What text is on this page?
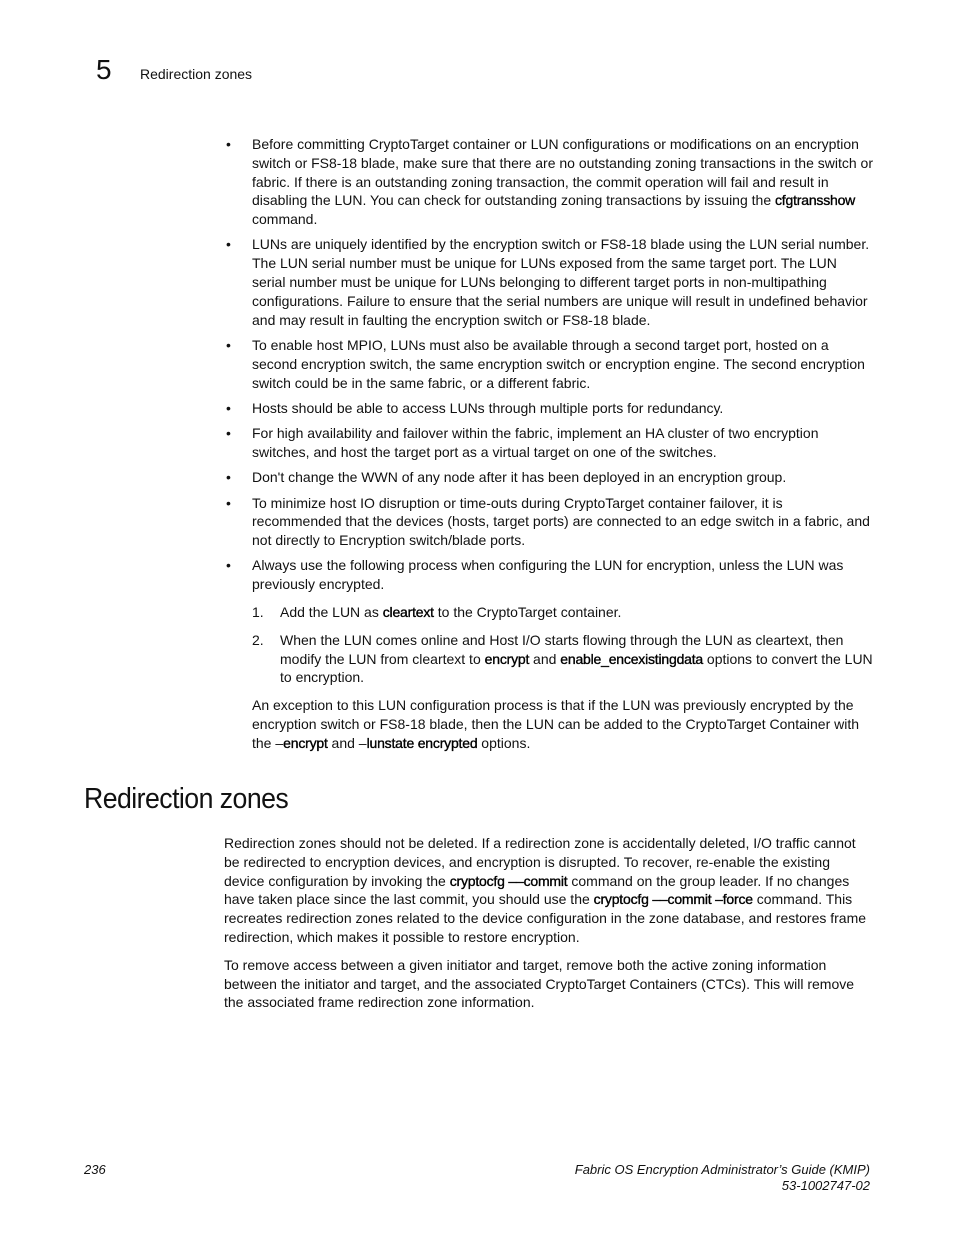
5 Redirection zones
• Before committing CryptoTarget container or LUN configurations or modifications on an encryption switch or FS8-18 blade, make sure that there are no outstanding zoning transactions in the switch or fabric. If there is an outstanding zoning transaction, the commit operation will fail and result in disabling the LUN. You can check for outstanding zoning transactions by issuing the cfgtransshow command.
• LUNs are uniquely identified by the encryption switch or FS8-18 blade using the LUN serial number. The LUN serial number must be unique for LUNs exposed from the same target port. The LUN serial number must be unique for LUNs belonging to different target ports in non-multipathing configurations. Failure to ensure that the serial numbers are unique will result in undefined behavior and may result in faulting the encryption switch or FS8-18 blade.
• To enable host MPIO, LUNs must also be available through a second target port, hosted on a second encryption switch, the same encryption switch or encryption engine. The second encryption switch could be in the same fabric, or a different fabric.
• Hosts should be able to access LUNs through multiple ports for redundancy.
• For high availability and failover within the fabric, implement an HA cluster of two encryption switches, and host the target port as a virtual target on one of the switches.
• Don't change the WWN of any node after it has been deployed in an encryption group.
• To minimize host IO disruption or time-outs during CryptoTarget container failover, it is recommended that the devices (hosts, target ports) are connected to an edge switch in a fabric, and not directly to Encryption switch/blade ports.
• Always use the following process when configuring the LUN for encryption, unless the LUN was previously encrypted.
1. Add the LUN as cleartext to the CryptoTarget container.
2. When the LUN comes online and Host I/O starts flowing through the LUN as cleartext, then modify the LUN from cleartext to encrypt and enable_encexistingdata options to convert the LUN to encryption.

An exception to this LUN configuration process is that if the LUN was previously encrypted by the encryption switch or FS8-18 blade, then the LUN can be added to the CryptoTarget Container with the –encrypt and –lunstate encrypted options.

Redirection zones

Redirection zones should not be deleted. If a redirection zone is accidentally deleted, I/O traffic cannot be redirected to encryption devices, and encryption is disrupted. To recover, re-enable the existing device configuration by invoking the cryptocfg ––commit command on the group leader. If no changes have taken place since the last commit, you should use the cryptocfg ––commit –force command. This recreates redirection zones related to the device configuration in the zone database, and restores frame redirection, which makes it possible to restore encryption.

To remove access between a given initiator and target, remove both the active zoning information between the initiator and target, and the associated CryptoTarget Containers (CTCs). This will remove the associated frame redirection zone information.

236	Fabric OS Encryption Administrator’s Guide (KMIP)
53-1002747-02
